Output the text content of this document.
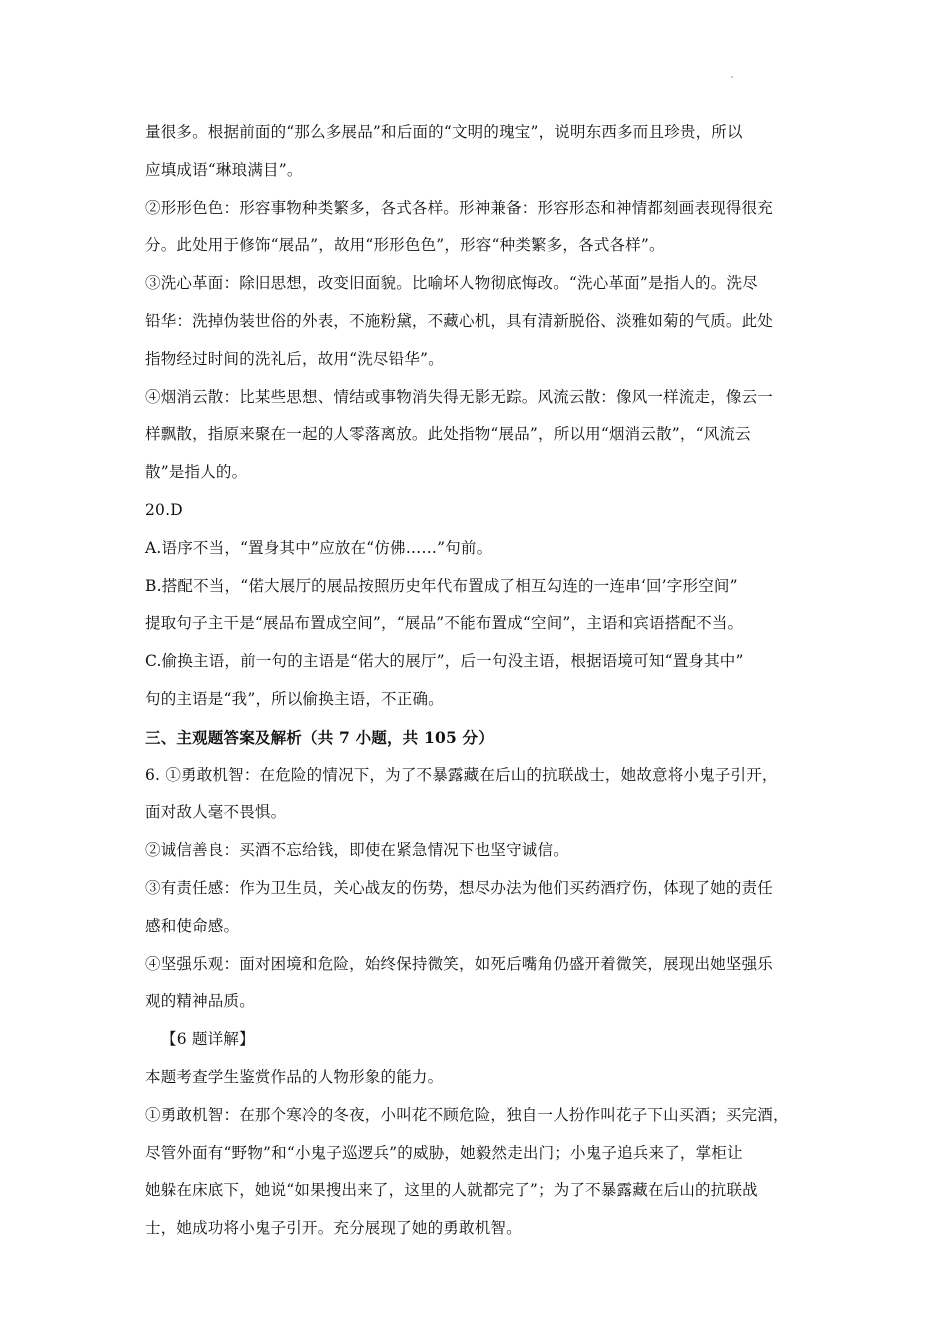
量很多。根据前面的“那么多展品”和后面的“文明的瑰宝”，说明东西多而且珍贵，所以
应填成语“琳琅满目”。
②形形色色：形容事物种类繁多，各式各样。形神兼备：形容形态和神情都刻画表现得很充
分。此处用于修饰“展品”，故用“形形色色”，形容“种类繁多，各式各样”。
③洗心革面：除旧思想，改变旧面貌。比喻坏人物彻底悔改。“洗心革面”是指人的。洗尽
铅华：洗掉伪装世俗的外表，不施粉黛，不藏心机，具有清新脱俗、淡雅如菊的气质。此处
指物经过时间的洗礼后，故用“洗尽铅华”。
④烟消云散：比某些思想、情结或事物消失得无影无踪。风流云散：像风一样流走，像云一
样飘散，指原来聚在一起的人零落离放。此处指物“展品”，所以用“烟消云散”，“风流云
散”是指人的。
20.D
A.语序不当，“置身其中”应放在“仿佛……”句前。
B.搭配不当，“偌大展厅的展品按照历史年代布置成了相互勾连的一连串‘回’字形空间”
提取句子主干是“展品布置成空间”，“展品”不能布置成“空间”，主语和宾语搭配不当。
C.偷换主语，前一句的主语是“偌大的展厅”，后一句没主语，根据语境可知“置身其中”
句的主语是“我”，所以偷换主语，不正确。
三、主观题答案及解析（共 7 小题，共 105 分）
6. ①勇敢机智：在危险的情况下，为了不暴露藏在后山的抗联战士，她故意将小鬼子引开，
面对敌人毫不畏惧。
②诚信善良：买酒不忘给钱，即使在紧急情况下也坚守诚信。
③有责任感：作为卫生员，关心战友的伤势，想尽办法为他们买药酒疗伤，体现了她的责任
感和使命感。
④坚强乐观：面对困境和危险，始终保持微笑，如死后嘴角仍盛开着微笑，展现出她坚强乐
观的精神品质。
【6 题详解】
本题考查学生鉴赏作品的人物形象的能力。
①勇敢机智：在那个寒冷的冬夜，小叫花不顾危险，独自一人扮作叫花子下山买酒；买完酒，
尽管外面有“野物”和“小鬼子巡逻兵”的威胁，她毅然走出门；小鬼子追兵来了，掌柜让
她躲在床底下，她说“如果搜出来了，这里的人就都完了”；为了不暴露藏在后山的抗联战
士，她成功将小鬼子引开。充分展现了她的勇敢机智。
